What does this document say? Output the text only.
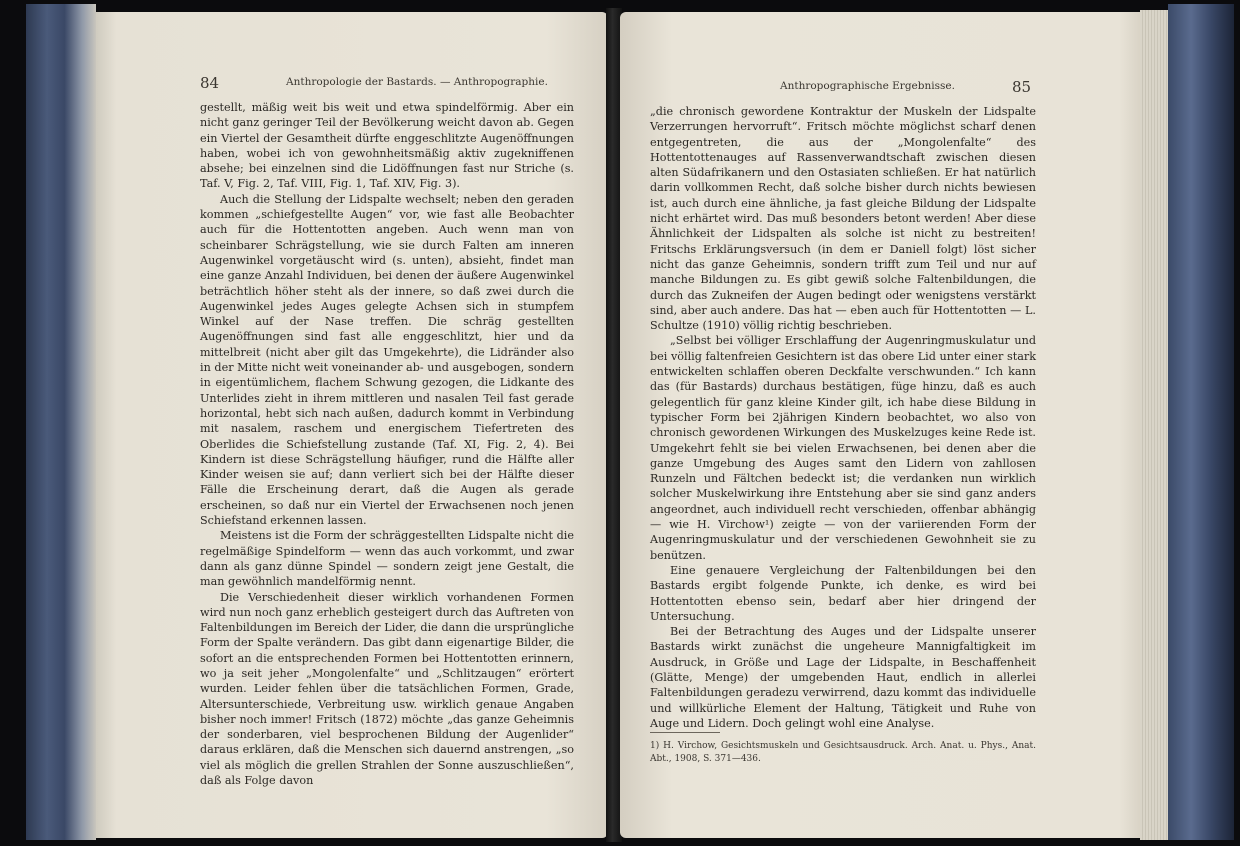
84	Anthropologie der Bastards. — Anthropographie.

gestellt, mäßig weit bis weit und etwa spindelförmig. Aber ein nicht ganz geringer Teil der Bevölkerung weicht davon ab. Gegen ein Viertel der Gesamtheit dürfte enggeschlitzte Augenöffnungen haben, wobei ich von gewohnheitsmäßig aktiv zugekniffenen absehe; bei einzelnen sind die Lidöffnungen fast nur Striche (s. Taf. V, Fig. 2, Taf. VIII, Fig. 1, Taf. XIV, Fig. 3).

Auch die Stellung der Lidspalte wechselt; neben den geraden kommen „schiefgestellte Augen“ vor, wie fast alle Beobachter auch für die Hottentotten angeben. Auch wenn man von scheinbarer Schrägstellung, wie sie durch Falten am inneren Augenwinkel vorgetäuscht wird (s. unten), absieht, findet man eine ganze Anzahl Individuen, bei denen der äußere Augenwinkel beträchtlich höher steht als der innere, so daß zwei durch die Augenwinkel jedes Auges gelegte Achsen sich in stumpfem Winkel auf der Nase treffen. Die schräg gestellten Augenöffnungen sind fast alle enggeschlitzt, hier und da mittelbreit (nicht aber gilt das Umgekehrte), die Lidränder also in der Mitte nicht weit voneinander ab- und ausgebogen, sondern in eigentümlichem, flachem Schwung gezogen, die Lidkante des Unterlides zieht in ihrem mittleren und nasalen Teil fast gerade horizontal, hebt sich nach außen, dadurch kommt in Verbindung mit nasalem, raschem und energischem Tiefertreten des Oberlides die Schiefstellung zustande (Taf. XI, Fig. 2, 4). Bei Kindern ist diese Schrägstellung häufiger, rund die Hälfte aller Kinder weisen sie auf; dann verliert sich bei der Hälfte dieser Fälle die Erscheinung derart, daß die Augen als gerade erscheinen, so daß nur ein Viertel der Erwachsenen noch jenen Schiefstand erkennen lassen.

Meistens ist die Form der schräggestellten Lidspalte nicht die regelmäßige Spindelform — wenn das auch vorkommt, und zwar dann als ganz dünne Spindel — sondern zeigt jene Gestalt, die man gewöhnlich mandelförmig nennt.

Die Verschiedenheit dieser wirklich vorhandenen Formen wird nun noch ganz erheblich gesteigert durch das Auftreten von Faltenbildungen im Bereich der Lider, die dann die ursprüngliche Form der Spalte verändern. Das gibt dann eigenartige Bilder, die sofort an die entsprechenden Formen bei Hottentotten erinnern, wo ja seit jeher „Mongolenfalte“ und „Schlitzaugen“ erörtert wurden. Leider fehlen über die tatsächlichen Formen, Grade, Altersunterschiede, Verbreitung usw. wirklich genaue Angaben bisher noch immer! Fritsch (1872) möchte „das ganze Geheimnis der sonderbaren, viel besprochenen Bildung der Augenlider“ daraus erklären, daß die Menschen sich dauernd anstrengen, „so viel als möglich die grellen Strahlen der Sonne auszuschließen“, daß als Folge davon

Anthropographische Ergebnisse.	85

„die chronisch gewordene Kontraktur der Muskeln der Lidspalte Verzerrungen hervorruft“. Fritsch möchte möglichst scharf denen entgegentreten, die aus der „Mongolenfalte“ des Hottentottenauges auf Rassenverwandtschaft zwischen diesen alten Südafrikanern und den Ostasiaten schließen. Er hat natürlich darin vollkommen Recht, daß solche bisher durch nichts bewiesen ist, auch durch eine ähnliche, ja fast gleiche Bildung der Lidspalte nicht erhärtet wird. Das muß besonders betont werden! Aber diese Ähnlichkeit der Lidspalten als solche ist nicht zu bestreiten! Fritschs Erklärungsversuch (in dem er Daniell folgt) löst sicher nicht das ganze Geheimnis, sondern trifft zum Teil und nur auf manche Bildungen zu. Es gibt gewiß solche Faltenbildungen, die durch das Zukneifen der Augen bedingt oder wenigstens verstärkt sind, aber auch andere. Das hat — eben auch für Hottentotten — L. Schultze (1910) völlig richtig beschrieben.

„Selbst bei völliger Erschlaffung der Augenringmuskulatur und bei völlig faltenfreien Gesichtern ist das obere Lid unter einer stark entwickelten schlaffen oberen Deckfalte verschwunden.“ Ich kann das (für Bastards) durchaus bestätigen, füge hinzu, daß es auch gelegentlich für ganz kleine Kinder gilt, ich habe diese Bildung in typischer Form bei 2jährigen Kindern beobachtet, wo also von chronisch gewordenen Wirkungen des Muskelzuges keine Rede ist. Umgekehrt fehlt sie bei vielen Erwachsenen, bei denen aber die ganze Umgebung des Auges samt den Lidern von zahllosen Runzeln und Fältchen bedeckt ist; die verdanken nun wirklich solcher Muskelwirkung ihre Entstehung aber sie sind ganz anders angeordnet, auch individuell recht verschieden, offenbar abhängig — wie H. Virchow¹) zeigte — von der variierenden Form der Augenringmuskulatur und der verschiedenen Gewohnheit sie zu benützen.

Eine genauere Vergleichung der Faltenbildungen bei den Bastards ergibt folgende Punkte, ich denke, es wird bei Hottentotten ebenso sein, bedarf aber hier dringend der Untersuchung.

Bei der Betrachtung des Auges und der Lidspalte unserer Bastards wirkt zunächst die ungeheure Mannigfaltigkeit im Ausdruck, in Größe und Lage der Lidspalte, in Beschaffenheit (Glätte, Menge) der umgebenden Haut, endlich in allerlei Faltenbildungen geradezu verwirrend, dazu kommt das individuelle und willkürliche Element der Haltung, Tätigkeit und Ruhe von Auge und Lidern. Doch gelingt wohl eine Analyse.

1) H. Virchow, Gesichtsmuskeln und Gesichtsausdruck. Arch. Anat. u. Phys., Anat. Abt., 1908, S. 371—436.
